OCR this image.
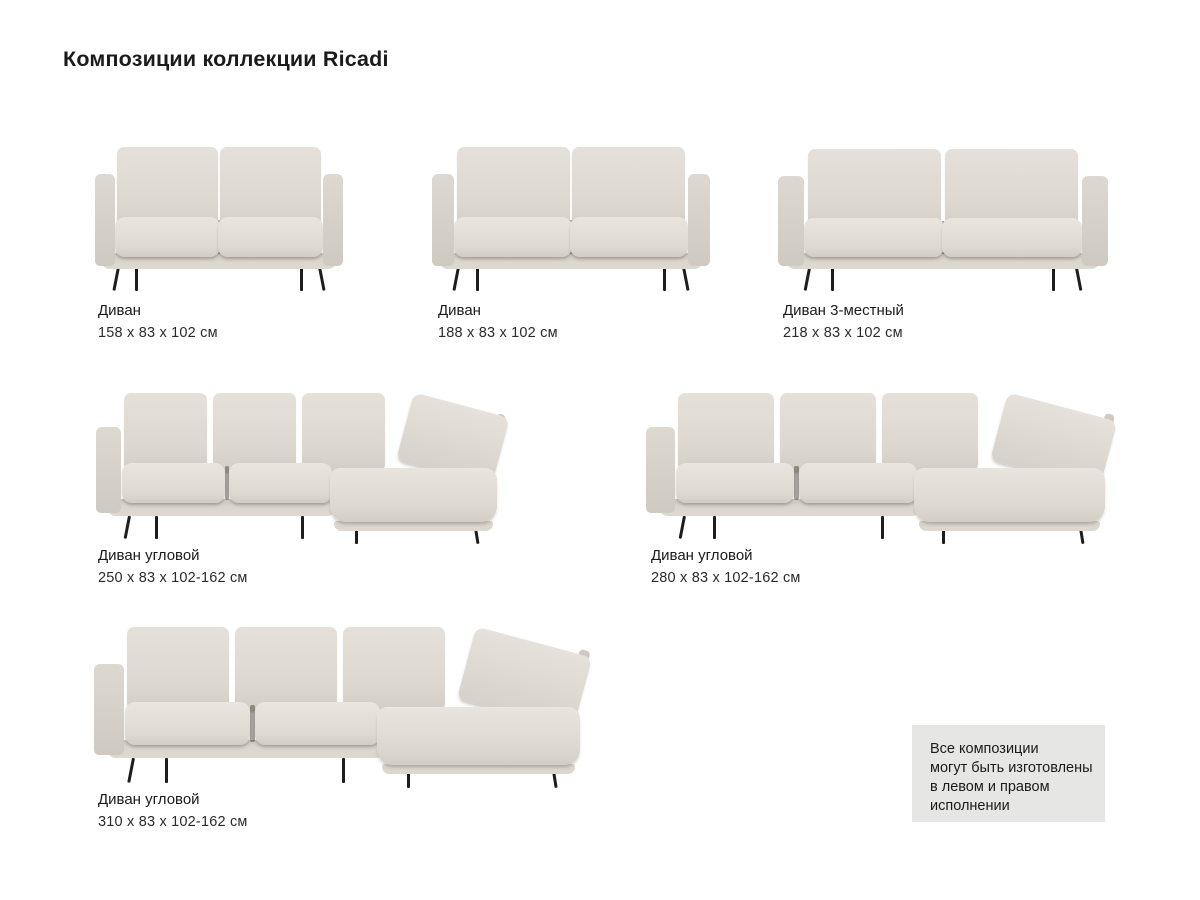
Композиции коллекции Ricadi
Диван
158 x 83 x 102 см
Диван
188 x 83 x 102 см
Диван 3-местный
218 x 83 x 102 см
Диван угловой
250 x 83 x 102-162 см
Диван угловой
280 x 83 x 102-162 см
Диван угловой
310 x 83 x 102-162 см
Все композиции
могут быть изготовлены
в левом и правом
исполнении
